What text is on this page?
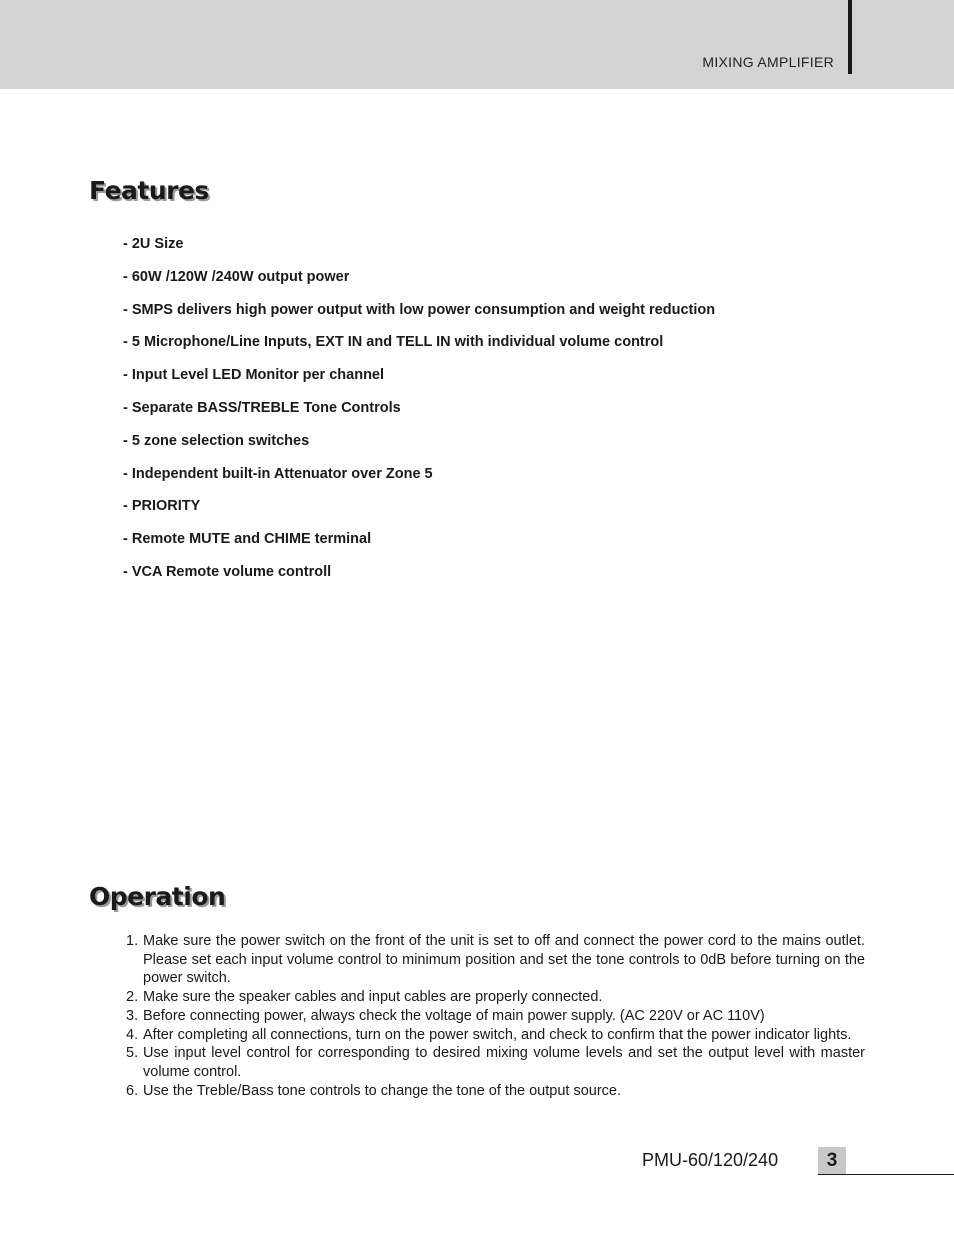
MIXING AMPLIFIER
Features
- 2U Size
- 60W /120W /240W output power
- SMPS delivers high power output with low power consumption and weight reduction
- 5 Microphone/Line Inputs, EXT IN and TELL IN with individual volume control
- Input Level LED Monitor per channel
- Separate BASS/TREBLE Tone Controls
- 5 zone selection switches
- Independent built-in Attenuator over Zone 5
- PRIORITY
- Remote MUTE and CHIME terminal
- VCA Remote volume controll
Operation
1. Make sure the power switch on the front of the unit is set to off and connect the power cord to the mains outlet. Please set each input volume control to minimum position and set the tone controls to 0dB before turning on the power switch.
2. Make sure the speaker cables and input cables are properly connected.
3. Before connecting power, always check the voltage of main power supply. (AC 220V or AC 110V)
4. After completing all connections, turn on the power switch, and check to confirm that the power indicator lights.
5. Use input level control for corresponding to desired mixing volume levels and set the output level with master volume control.
6. Use the Treble/Bass tone controls to change the tone of the output source.
PMU-60/120/240	3
